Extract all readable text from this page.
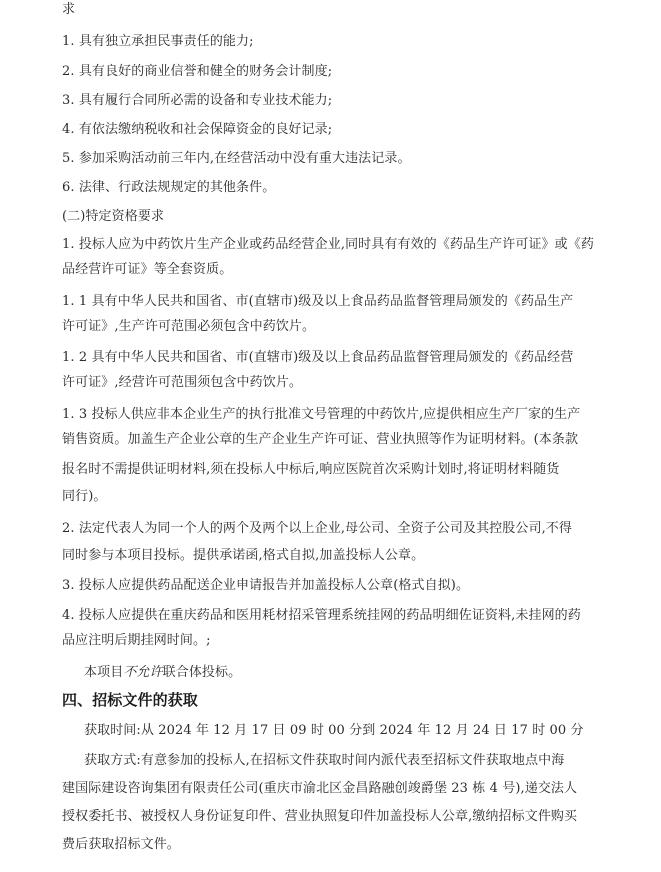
求
1. 具有独立承担民事责任的能力;
2. 具有良好的商业信誉和健全的财务会计制度;
3. 具有履行合同所必需的设备和专业技术能力;
4. 有依法缴纳税收和社会保障资金的良好记录;
5. 参加采购活动前三年内,在经营活动中没有重大违法记录。
6. 法律、行政法规规定的其他条件。
(二)特定资格要求
1. 投标人应为中药饮片生产企业或药品经营企业,同时具有有效的《药品生产许可证》或《药
品经营许可证》等全套资质。
1. 1 具有中华人民共和国省、市(直辖市)级及以上食品药品监督管理局颁发的《药品生产
许可证》,生产许可范围必须包含中药饮片。
1. 2 具有中华人民共和国省、市(直辖市)级及以上食品药品监督管理局颁发的《药品经营
许可证》,经营许可范围须包含中药饮片。
1. 3 投标人供应非本企业生产的执行批准文号管理的中药饮片,应提供相应生产厂家的生产
销售资质。加盖生产企业公章的生产企业生产许可证、营业执照等作为证明材料。(本条款
报名时不需提供证明材料,须在投标人中标后,响应医院首次采购计划时,将证明材料随货
同行)。
2. 法定代表人为同一个人的两个及两个以上企业,母公司、全资子公司及其控股公司,不得
同时参与本项目投标。提供承诺函,格式自拟,加盖投标人公章。
3. 投标人应提供药品配送企业申请报告并加盖投标人公章(格式自拟)。
4. 投标人应提供在重庆药品和医用耗材招采管理系统挂网的药品明细佐证资料,未挂网的药
品应注明后期挂网时间。;
本项目不允许联合体投标。
四、招标文件的获取
获取时间:从 2024 年 12 月 17 日 09 时 00 分到 2024 年 12 月 24 日 17 时 00 分
获取方式:有意参加的投标人,在招标文件获取时间内派代表至招标文件获取地点中海
建国际建设咨询集团有限责任公司(重庆市渝北区金昌路融创竣爵堡 23 栋 4 号),递交法人
授权委托书、被授权人身份证复印件、营业执照复印件加盖投标人公章,缴纳招标文件购买
费后获取招标文件。
